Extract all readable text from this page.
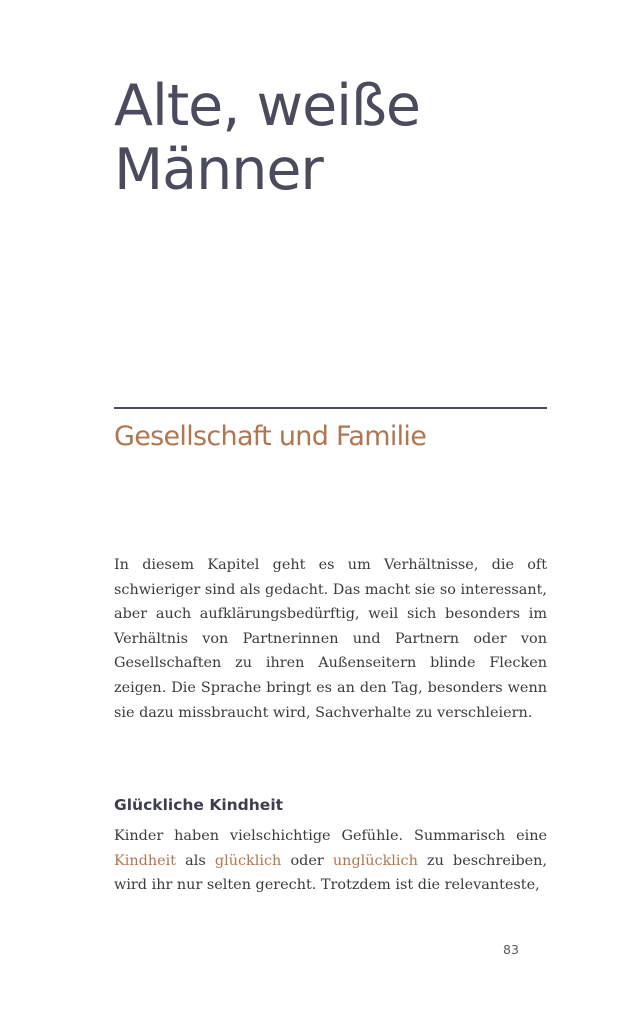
Alte, weiße
Männer
Gesellschaft und Familie

In diesem Kapitel geht es um Verhältnisse, die oft schwieriger sind als gedacht. Das macht sie so interessant, aber auch aufklärungsbedürftig, weil sich besonders im Verhältnis von Partnerinnen und Partnern oder von Gesellschaften zu ihren Außenseitern blinde Flecken zeigen. Die Sprache bringt es an den Tag, besonders wenn sie dazu missbraucht wird, Sachverhalte zu verschleiern.

Glückliche Kindheit

Kinder haben vielschichtige Gefühle. Summarisch eine Kindheit als glücklich oder unglücklich zu beschreiben, wird ihr nur selten gerecht. Trotzdem ist die relevanteste,

83
